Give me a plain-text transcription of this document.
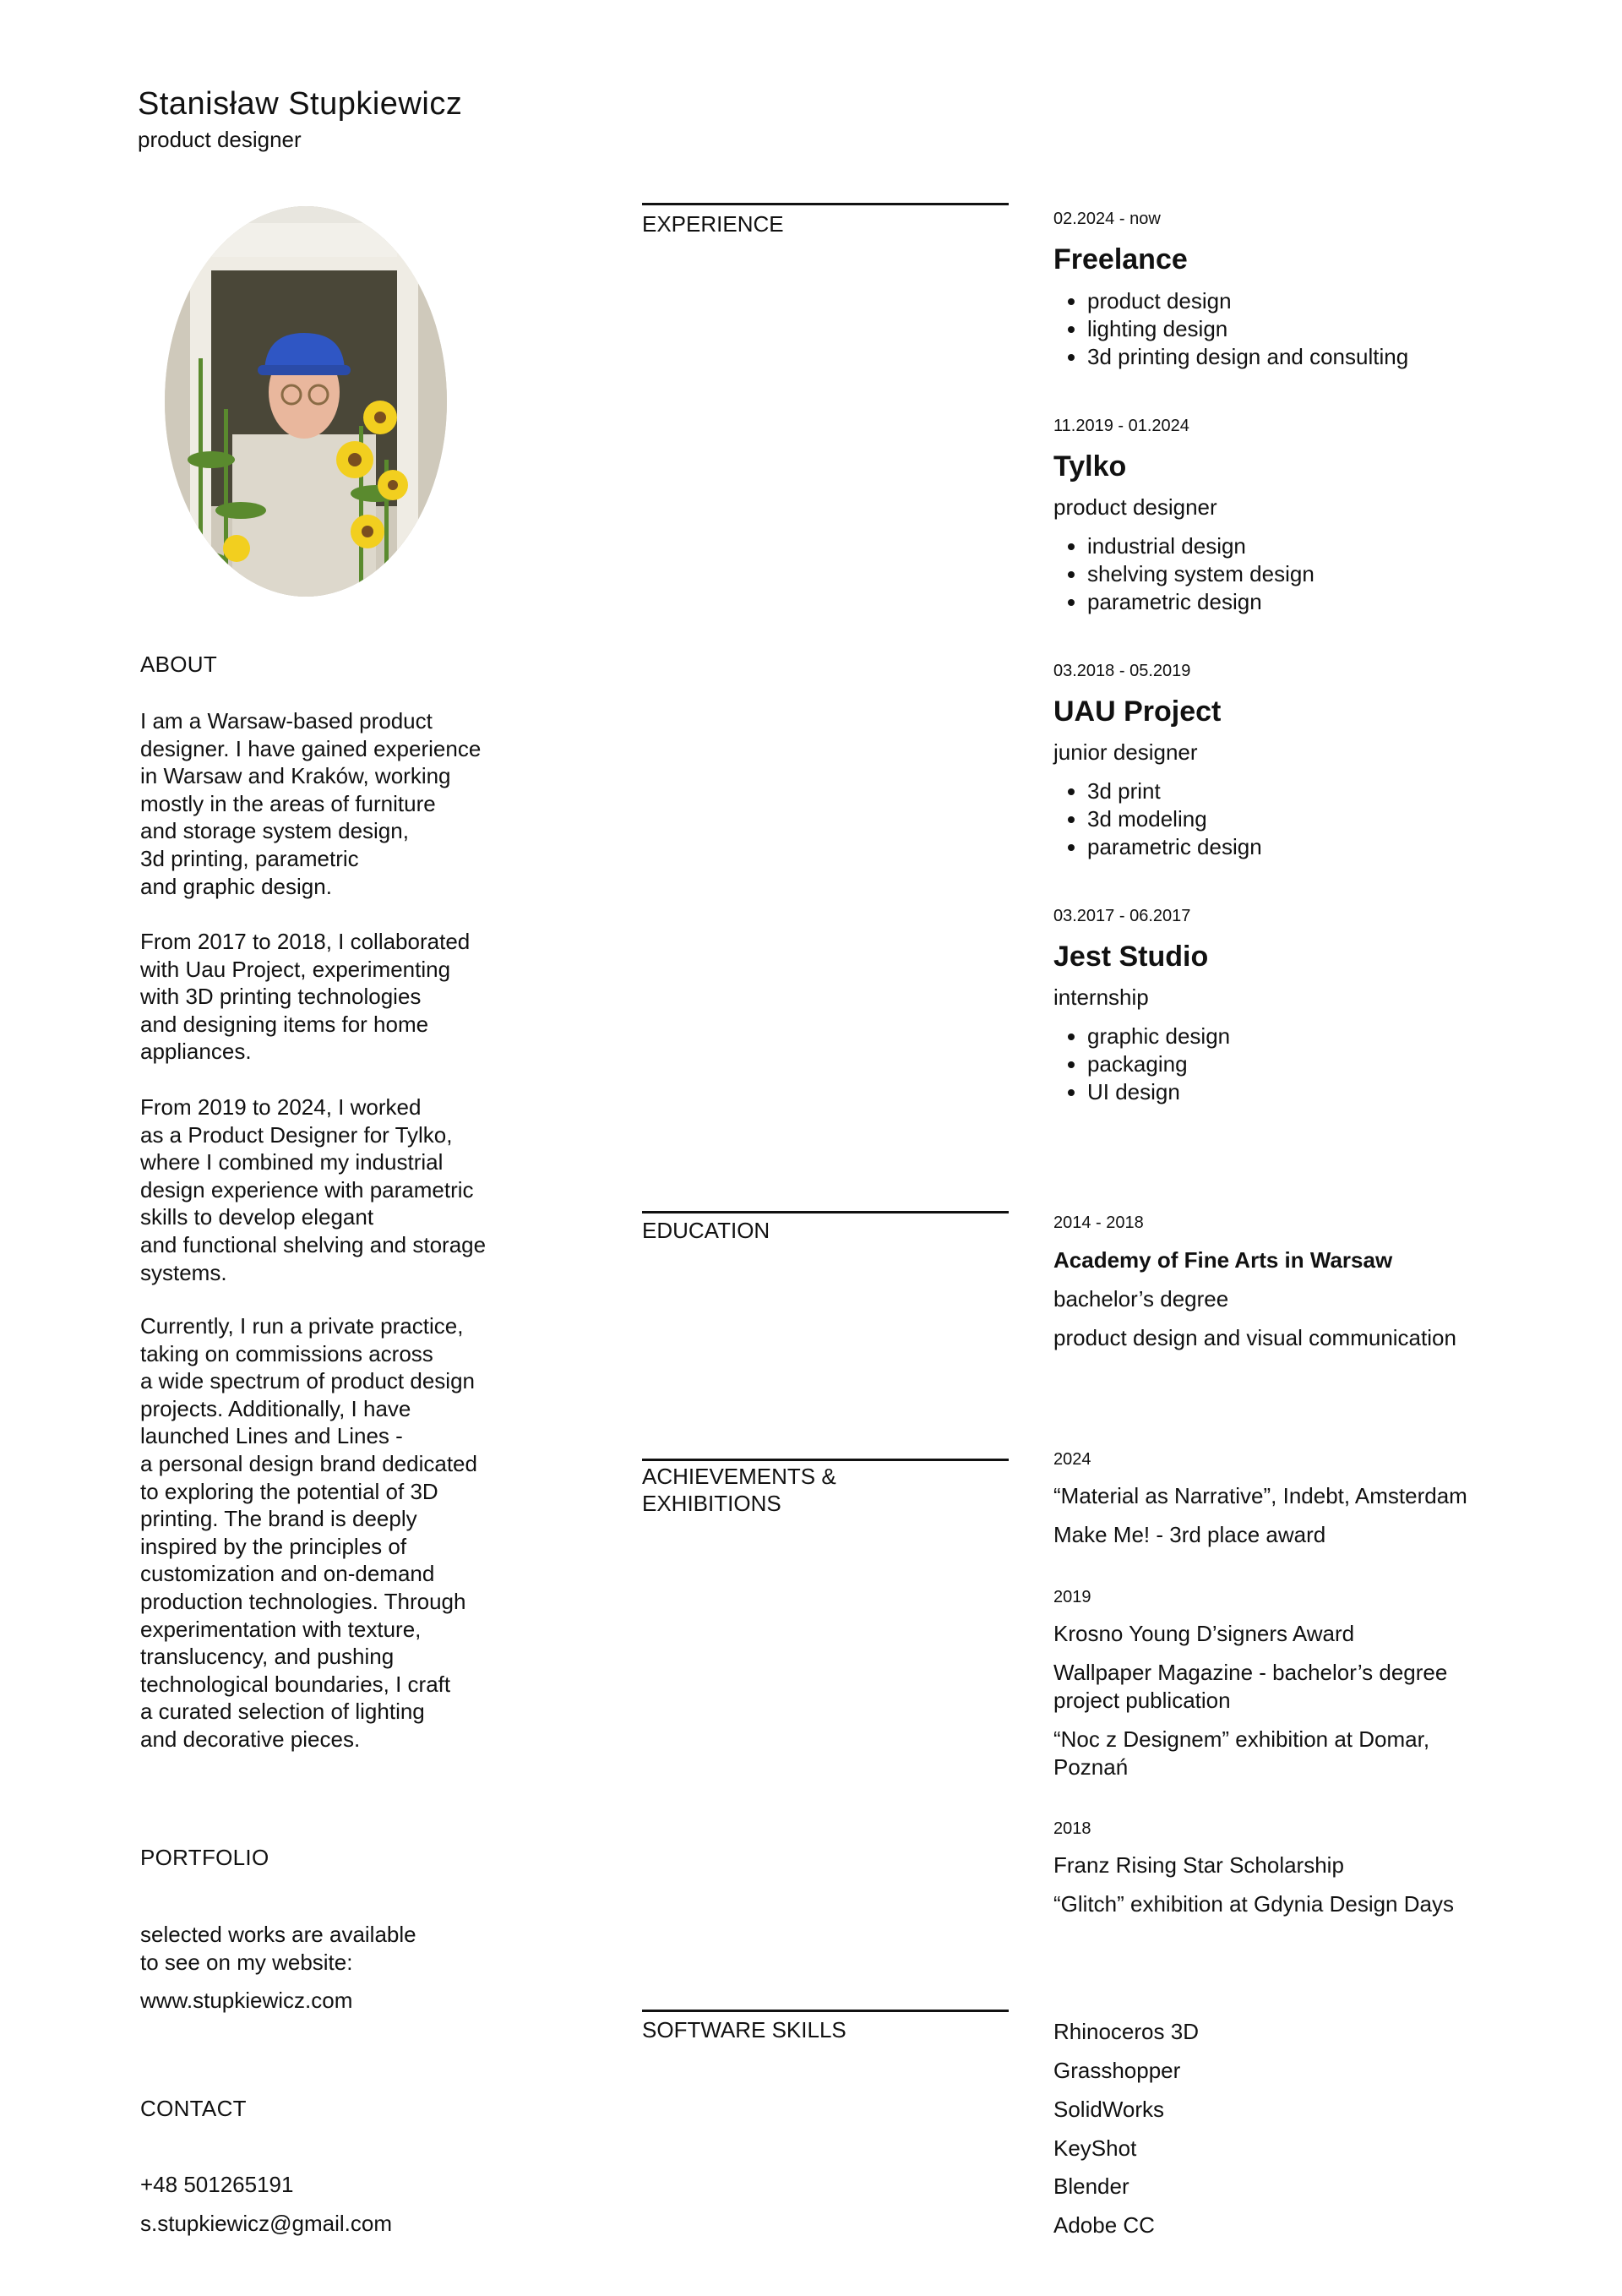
Stanisław Stupkiewicz
product designer
ABOUT
I am a Warsaw-based product
designer. I have gained experience
in Warsaw and Kraków, working
mostly in the areas of furniture
and storage system design,
3d printing, parametric
and graphic design.
From 2017 to 2018, I collaborated
with Uau Project, experimenting
with 3D printing technologies
and designing items for home
appliances.
From 2019 to 2024, I worked
as a Product Designer for Tylko,
where I combined my industrial
design experience with parametric
skills to develop elegant
and functional shelving and storage
systems.
Currently, I run a private practice,
taking on commissions across
a wide spectrum of product design
projects. Additionally, I have
launched Lines and Lines -
a personal design brand dedicated
to exploring the potential of 3D
printing. The brand is deeply
inspired by the principles of
customization and on-demand
production technologies. Through
experimentation with texture,
translucency, and pushing
technological boundaries, I craft
a curated selection of lighting
and decorative pieces.
PORTFOLIO
selected works are available
to see on my website:
www.stupkiewicz.com
CONTACT
+48 501265191
s.stupkiewicz@gmail.com
EXPERIENCE	02.2024 - now
Freelance
• product design
• lighting design
• 3d printing design and consulting
11.2019 - 01.2024
Tylko
product designer
• industrial design
• shelving system design
• parametric design
03.2018 - 05.2019
UAU Project
junior designer
• 3d print
• 3d modeling
• parametric design
03.2017 - 06.2017
Jest Studio
internship
• graphic design
• packaging
• UI design
EDUCATION	2014 - 2018
Academy of Fine Arts in Warsaw
bachelor’s degree
product design and visual communication
ACHIEVEMENTS &
EXHIBITIONS
2024
“Material as Narrative”, Indebt, Amsterdam
Make Me! - 3rd place award
2019
Krosno Young D’signers Award
Wallpaper Magazine - bachelor’s degree project publication
“Noc z Designem” exhibition at Domar, Poznań
2018
Franz Rising Star Scholarship
“Glitch” exhibition at Gdynia Design Days
SOFTWARE SKILLS	Rhinoceros 3D
Grasshopper
SolidWorks
KeyShot
Blender
Adobe CC
